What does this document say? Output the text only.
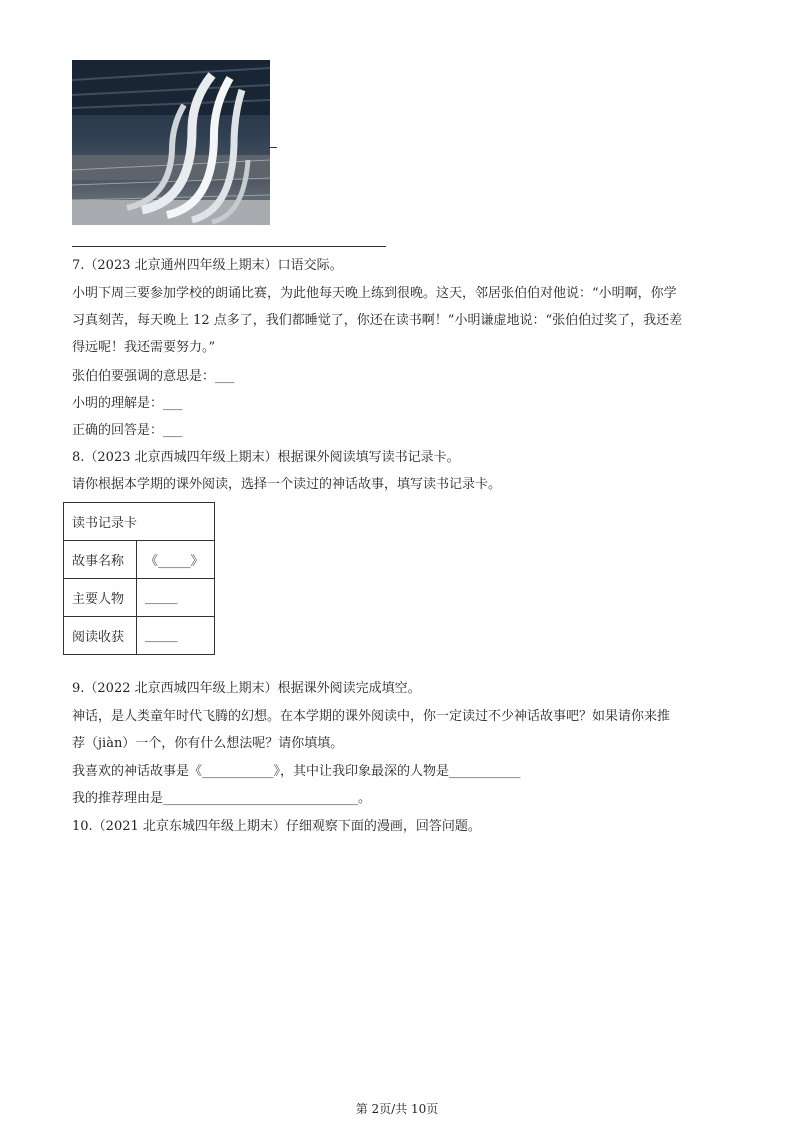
7.（2023 北京通州四年级上期末）口语交际。
小明下周三要参加学校的朗诵比赛，为此他每天晚上练到很晚。这天，邻居张伯伯对他说：“小明啊，你学
习真刻苦，每天晚上 12 点多了，我们都睡觉了，你还在读书啊！”小明谦虚地说：“张伯伯过奖了，我还差
得远呢！我还需要努力。”
张伯伯要强调的意思是：___
小明的理解是：___
正确的回答是：___
8.（2023 北京西城四年级上期末）根据课外阅读填写读书记录卡。
请你根据本学期的课外阅读，选择一个读过的神话故事，填写读书记录卡。
读书记录卡	
故事名称	《_____》
主要人物	_____
阅读收获	_____
9.（2022 北京西城四年级上期末）根据课外阅读完成填空。
神话，是人类童年时代飞腾的幻想。在本学期的课外阅读中，你一定读过不少神话故事吧？如果请你来推
荐（jiàn）一个，你有什么想法呢？请你填填。
我喜欢的神话故事是《___________》，其中让我印象最深的人物是___________
我的推荐理由是______________________________。
10.（2021 北京东城四年级上期末）仔细观察下面的漫画，回答问题。
第 2页/共 10页
